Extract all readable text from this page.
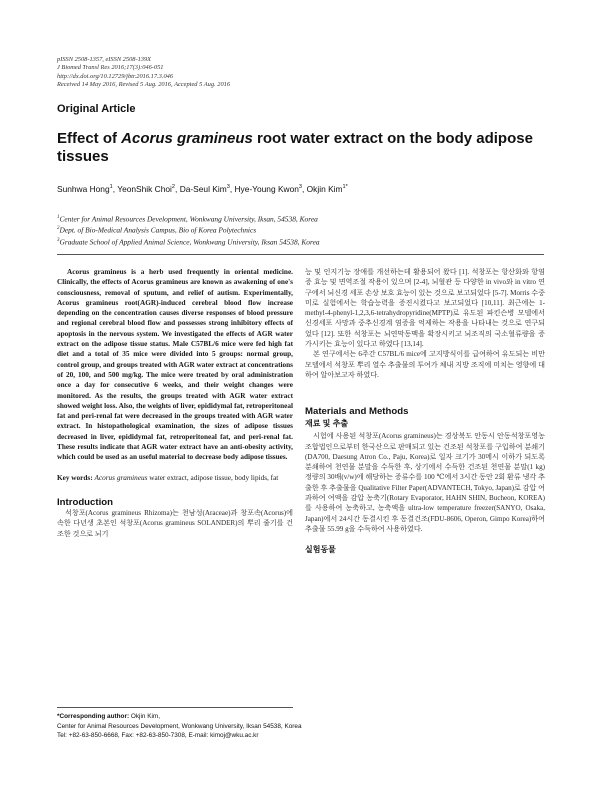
pISSN 2508-1357, eISSN 2508-139X
J Biomed Transl Res 2016;17(3):046-051
http://dx.doi.org/10.12729/jbtr.2016.17.3.046
Received 14 May 2016, Revised 5 Aug. 2016, Accepted 5 Aug. 2016
Original Article
Effect of Acorus gramineus root water extract on the body adipose tissues
Sunhwa Hong$^1$, YeonShik Choi$^2$, Da-Seul Kim$^3$, Hye-Young Kwon$^3$, Okjin Kim$^{1*}$
$^1$Center for Animal Resources Development, Wonkwang University, Iksan, 54538, Korea
$^2$Dept. of Bio-Medical Analysis Campus, Bio of Korea Polytechnics
$^3$Graduate School of Applied Animal Science, Wonkwang University, Iksan 54538, Korea

Acorus gramineus is a herb used frequently in oriental medicine. Clinically, the effects of Acorus gramineus are known as awakening of one's consciousness, removal of sputum, and relief of autism. Experimentally, Acorus gramineus root(AGR)-induced cerebral blood flow increase depending on the concentration causes diverse responses of blood pressure and regional cerebral blood flow and possesses strong inhibitory effects of apoptosis in the nervous system. We investigated the effects of AGR water extract on the adipose tissue status. Male C57BL/6 mice were fed high fat diet and a total of 35 mice were divided into 5 groups: normal group, control group, and groups treated with AGR water extract at concentrations of 20, 100, and 500 mg/kg. The mice were treated by oral administration once a day for consecutive 6 weeks, and their weight changes were monitored. As the results, the groups treated with AGR water extract showed weight loss. Also, the weights of liver, epididymal fat, retroperitoneal fat and peri-renal fat were decreased in the groups treated with AGR water extract. In histopathological examination, the sizes of adipose tissues decreased in liver, epididymal fat, retroperitoneal fat, and peri-renal fat. These results indicate that AGR water extract have an anti-obesity activity, which could be used as an useful material to decrease body adipose tissues.

Key words: Acorus gramineus water extract, adipose tissue, body lipids, fat
Introduction

석창포(Acorus gramineus Rhizoma)는 천남성(Araceae)과 창포속(Acorus)에 속한 다년생 초본인 석창포(Acorus gramineus SOLANDER)의 뿌리 줄기를 건조한 것으로 뇌기

능 및 인지기능 장애를 개선하는데 활용되어 왔다 [1]. 석창포는 항산화와 항염증 효능 및 면역조절 작용이 있으며 [2-4], 뇌혈관 등 다양한 in vivo와 in vitro 연구에서 뇌신경 세포 손상 보호 효능이 있는 것으로 보고되었다 [5-7]. Morris 수중미로 실험에서는 학습능력을 증진시켰다고 보고되었다 [10,11]. 최근에는 1-methyl-4-phenyl-1,2,3,6-tetrahydropyridine(MPTP)로 유도된 파킨슨병 모델에서 신경세포 사망과 중추신경계 염증을 억제하는 작용을 나타내는 것으로 연구되었다 [12]. 또한 석창포는 뇌연막동맥을 확장시키고 뇌조직의 국소혈류량을 증가시키는 효능이 있다고 하였다 [13,14].

본 연구에서는 6주간 C57BL/6 mice에 고지방식이를 급여하여 유도되는 비만 모델에서 석창포 뿌리 열수 추출물의 투여가 체내 지방 조직에 미치는 영향에 대하여 알아보고자 하였다.

Materials and Methods
재료 및 추출

시험에 사용된 석창포(Acorus gramineus)는 경상북도 안동시 안동석창포영농조합법인으로부터 한국산으로 판매되고 있는 건조된 석창포를 구입하여 분쇄기(DA700, Daesung Atron Co., Paju, Korea)로 일자 크기가 30메시 이하가 되도록 분쇄하여 천연물 분말을 수득한 후, 상기에서 수득한 건조된 천연물 분말(1 kg) 정량의 30배(v/w)에 해당하는 증류수를 100 ℃에서 3시간 동안 2회 환류 냉각 추출한 후 추출물을 Qualitative Filter Paper(ADVANTECH, Tokyo, Japan)로 감압 여과하여 여액을 감압 농축기(Rotary Evaporator, HAHN SHIN, Bucheon, KOREA)를 사용하여 농축하고, 농축액을 ultra-low temperature freezer(SANYO, Osaka, Japan)에서 24시간 동결시킨 후 동결건조(FDU-8606, Operon, Gimpo Korea)하여 추출물 55.99 g을 수득하여 사용하였다.

실험동물
*Corresponding author: Okjin Kim,
Center for Animal Resources Development, Wonkwang University, Iksan 54538, Korea
Tel: +82-63-850-6668, Fax: +82-63-850-7308, E-mail: kimoj@wku.ac.kr
